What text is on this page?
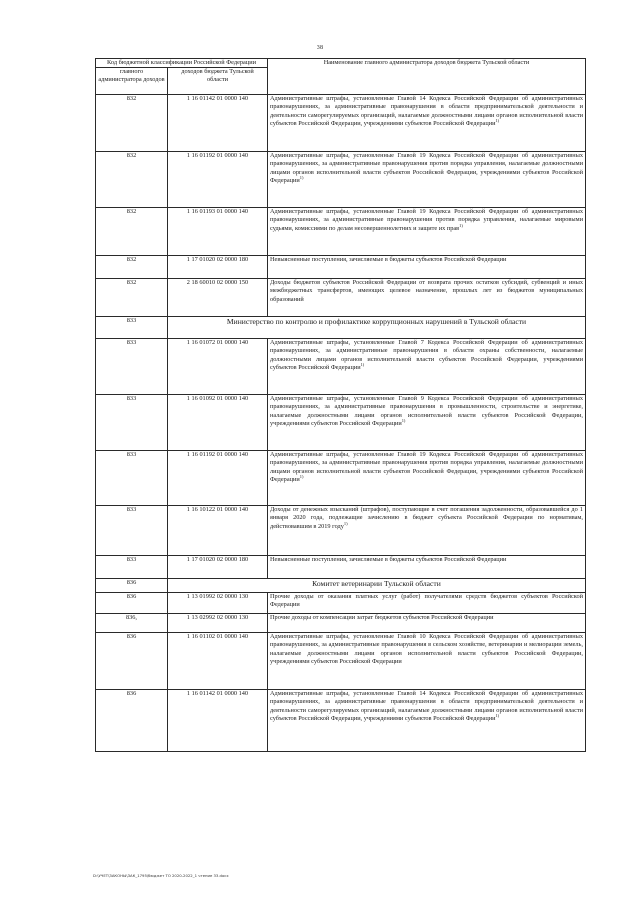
38
Код бюджетной классификации Российской Федерации		Наименование главного администратора доходов бюджета Тульской области
главного администратора доходов	доходов бюджета Тульской области	
832	1 16 01142 01 0000 140	Административные штрафы, установленные Главой 14 Кодекса Российской Федерации об административных правонарушениях, за административные правонарушения в области предпринимательской деятельности и деятельности саморегулируемых организаций, налагаемые должностными лицами органов исполнительной власти субъектов Российской Федерации, учреждениями субъектов Российской Федерации$^{1)}$
832	1 16 01192 01 0000 140	Административные штрафы, установленные Главой 19 Кодекса Российской Федерации об административных правонарушениях, за административные правонарушения против порядка управления, налагаемые должностными лицами органов исполнительной власти субъектов Российской Федерации, учреждениями субъектов Российской Федерации$^{1)}$
832	1 16 01193 01 0000 140	Административные штрафы, установленные Главой 19 Кодекса Российской Федерации об административных правонарушениях, за административные правонарушения против порядка управления, налагаемые мировыми судьями, комиссиями по делам несовершеннолетних и защите их прав$^{1)}$
832	1 17 01020 02 0000 180	Невыясненные поступления, зачисляемые в бюджеты субъектов Российской Федерации
832	2 18 60010 02 0000 150	Доходы бюджетов субъектов Российской Федерации от возврата прочих остатков субсидий, субвенций и иных межбюджетных трансфертов, имеющих целевое назначение, прошлых лет из бюджетов муниципальных образований
833	Министерство по контролю и профилактике коррупционных нарушений в Тульской области	
833	1 16 01072 01 0000 140	Административные штрафы, установленные Главой 7 Кодекса Российской Федерации об административных правонарушениях, за административные правонарушения в области охраны собственности, налагаемые должностными лицами органов исполнительной власти субъектов Российской Федерации, учреждениями субъектов Российской Федерации$^{1)}$
833	1 16 01092 01 0000 140	Административные штрафы, установленные Главой 9 Кодекса Российской Федерации об административных правонарушениях, за административные правонарушения в промышленности, строительстве и энергетике, налагаемые должностными лицами органов исполнительной власти субъектов Российской Федерации, учреждениями субъектов Российской Федерации$^{1)}$
833	1 16 01192 01 0000 140	Административные штрафы, установленные Главой 19 Кодекса Российской Федерации об административных правонарушениях, за административные правонарушения против порядка управления, налагаемые должностными лицами органов исполнительной власти субъектов Российской Федерации, учреждениями субъектов Российской Федерации$^{1)}$
833	1 16 10122 01 0000 140	Доходы от денежных взысканий (штрафов), поступающие в счет погашения задолженности, образовавшейся до 1 января 2020 года, подлежащие зачислению в бюджет субъекта Российской Федерации по нормативам, действовавшим в 2019 году$^{1)}$
833	1 17 01020 02 0000 180	Невыясненные поступления, зачисляемые в бюджеты субъектов Российской Федерации
836	Комитет ветеринарии Тульской области	
836	1 13 01992 02 0000 130	Прочие доходы от оказания платных услуг (работ) получателями средств бюджетов субъектов Российской Федерации
836,	1 13 02992 02 0000 130	Прочие доходы от компенсации затрат бюджетов субъектов Российской Федерации
836	1 16 01102 01 0000 140	Административные штрафы, установленные Главой 10 Кодекса Российской Федерации об административных правонарушениях, за административные правонарушения в сельском хозяйстве, ветеринарии и мелиорации земель, налагаемые должностными лицами органов исполнительной власти субъектов Российской Федерации, учреждениями субъектов Российской Федерации
836	1 16 01142 01 0000 140	Административные штрафы, установленные Главой 14 Кодекса Российской Федерации об административных правонарушениях, за административные правонарушения в области предпринимательской деятельности и деятельности саморегулируемых организаций, налагаемые должностными лицами органов исполнительной власти субъектов Российской Федерации, учреждениями субъектов Российской Федерации$^{1)}$
D:\УЧЕТ\ЗАКОНЫ\ЗАК_1795\бюджет ТО 2020-2022_1 чтение 33.docx
